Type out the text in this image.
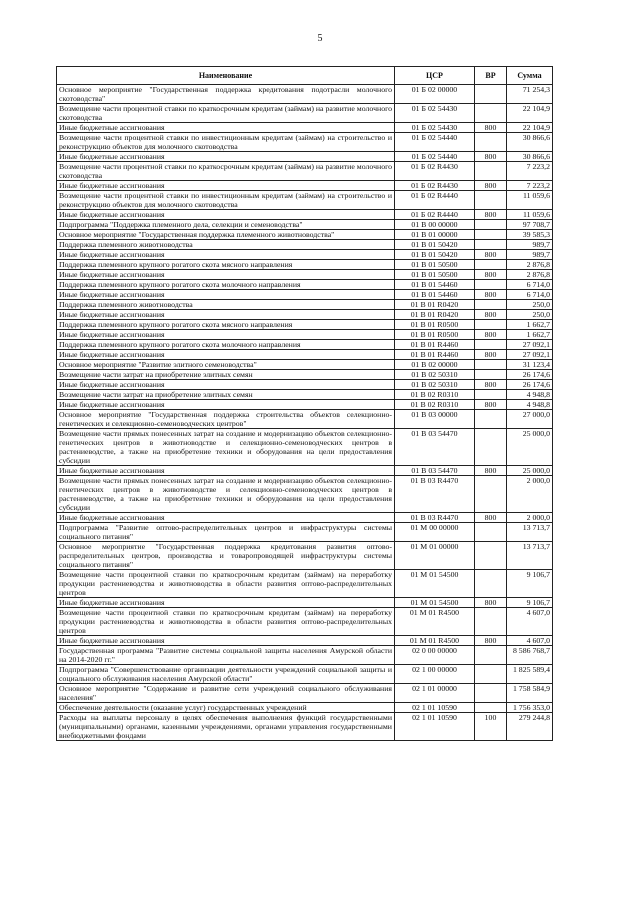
5
Наименование	ЦСР	ВР	Сумма
Основное мероприятие "Государственная поддержка кредитования подотрасли молочного скотоводства"	01 Б 02 00000		71 254,3
Возмещение части процентной ставки по краткосрочным кредитам (займам) на развитие молочного скотоводства	01 Б 02 54430		22 104,9
Иные бюджетные ассигнования	01 Б 02 54430	800	22 104,9
Возмещение части процентной ставки по инвестиционным кредитам (займам) на строительство и реконструкцию объектов для молочного скотоводства	01 Б 02 54440		30 866,6
Иные бюджетные ассигнования	01 Б 02 54440	800	30 866,6
Возмещение части процентной ставки по краткосрочным кредитам (займам) на развитие молочного скотоводства	01 Б 02 R4430		7 223,2
Иные бюджетные ассигнования	01 Б 02 R4430	800	7 223,2
Возмещение части процентной ставки по инвестиционным кредитам (займам) на строительство и реконструкцию объектов для молочного скотоводства	01 Б 02 R4440		11 059,6
Иные бюджетные ассигнования	01 Б 02 R4440	800	11 059,6
Подпрограмма "Поддержка племенного дела, селекции и семеноводства"	01 В 00 00000		97 708,7
Основное мероприятие "Государственная поддержка племенного животноводства"	01 В 01 00000		39 585,3
Поддержка племенного животноводства	01 В 01 50420		989,7
Иные бюджетные ассигнования	01 В 01 50420	800	989,7
Поддержка племенного крупного рогатого скота мясного направления	01 В 01 50500		2 876,8
Иные бюджетные ассигнования	01 В 01 50500	800	2 876,8
Поддержка племенного крупного рогатого скота молочного направления	01 В 01 54460		6 714,0
Иные бюджетные ассигнования	01 В 01 54460	800	6 714,0
Поддержка племенного животноводства	01 В 01 R0420		250,0
Иные бюджетные ассигнования	01 В 01 R0420	800	250,0
Поддержка племенного крупного рогатого скота мясного направления	01 В 01 R0500		1 662,7
Иные бюджетные ассигнования	01 В 01 R0500	800	1 662,7
Поддержка племенного крупного рогатого скота молочного направления	01 В 01 R4460		27 092,1
Иные бюджетные ассигнования	01 В 01 R4460	800	27 092,1
Основное мероприятие "Развитие элитного семеноводства"	01 В 02 00000		31 123,4
Возмещение части затрат на приобретение элитных семян	01 В 02 50310		26 174,6
Иные бюджетные ассигнования	01 В 02 50310	800	26 174,6
Возмещение части затрат на приобретение элитных семян	01 В 02 R0310		4 948,8
Иные бюджетные ассигнования	01 В 02 R0310	800	4 948,8
Основное мероприятие "Государственная поддержка строительства объектов селекционно-генетических и селекционно-семеноводческих центров"	01 В 03 00000		27 000,0
Возмещение части прямых понесенных затрат на создание и модернизацию объектов селекционно-генетических центров в животноводстве и селекционно-семеноводческих центров в растениеводстве, а также на приобретение техники и оборудования на цели предоставления субсидии	01 В 03 54470		25 000,0
Иные бюджетные ассигнования	01 В 03 54470	800	25 000,0
Возмещение части прямых понесенных затрат на создание и модернизацию объектов селекционно-генетических центров в животноводстве и селекционно-семеноводческих центров в растениеводстве, а также на приобретение техники и оборудования на цели предоставления субсидии	01 В 03 R4470		2 000,0
Иные бюджетные ассигнования	01 В 03 R4470	800	2 000,0
Подпрограмма "Развитие оптово-распределительных центров и инфраструктуры системы социального питания"	01 М 00 00000		13 713,7
Основное мероприятие "Государственная поддержка кредитования развития оптово-распределительных центров, производства и товаропроводящей инфраструктуры системы социального питания"	01 М 01 00000		13 713,7
Возмещение части процентной ставки по краткосрочным кредитам (займам) на переработку продукции растениеводства и животноводства в области развития оптово-распределительных центров	01 М 01 54500		9 106,7
Иные бюджетные ассигнования	01 М 01 54500	800	9 106,7
Возмещение части процентной ставки по краткосрочным кредитам (займам) на переработку продукции растениеводства и животноводства в области развития оптово-распределительных центров	01 М 01 R4500		4 607,0
Иные бюджетные ассигнования	01 М 01 R4500	800	4 607,0
Государственная программа "Развитие системы социальной защиты населения Амурской области на 2014-2020 гг."	02 0 00 00000		8 586 768,7
Подпрограмма "Совершенствование организации деятельности учреждений социальной защиты и социального обслуживания населения Амурской области"	02 1 00 00000		1 825 589,4
Основное мероприятие "Содержание и развитие сети учреждений социального обслуживания населения"	02 1 01 00000		1 758 584,9
Обеспечение деятельности (оказание услуг) государственных учреждений	02 1 01 10590		1 756 353,0
Расходы на выплаты персоналу в целях обеспечения выполнения функций государственными (муниципальными) органами, казенными учреждениями, органами управления государственными внебюджетными фондами	02 1 01 10590	100	279 244,8
